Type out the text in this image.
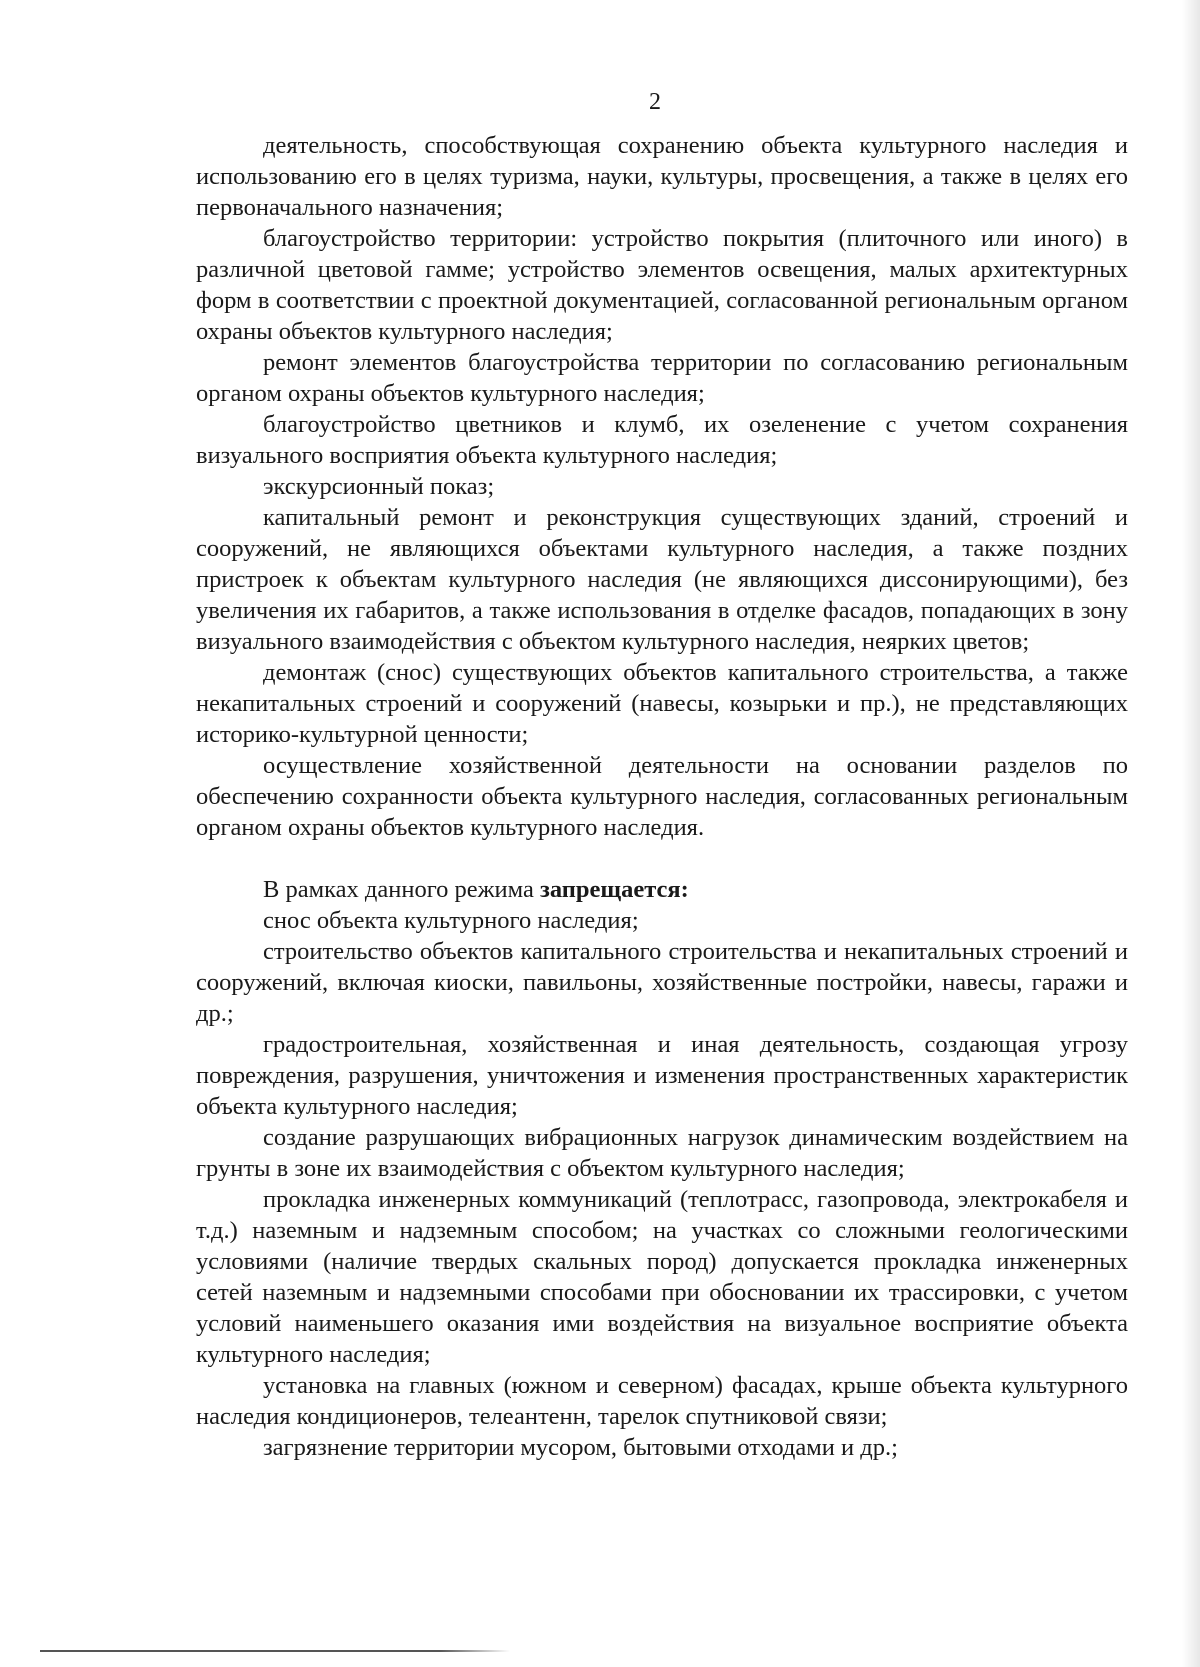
2

деятельность, способствующая сохранению объекта культурного наследия и использованию его в целях туризма, науки, культуры, просвещения, а также в целях его первоначального назначения;

благоустройство территории: устройство покрытия (плиточного или иного) в различной цветовой гамме; устройство элементов освещения, малых архитектурных форм в соответствии с проектной документацией, согласованной региональным органом охраны объектов культурного наследия;

ремонт элементов благоустройства территории по согласованию региональным органом охраны объектов культурного наследия;

благоустройство цветников и клумб, их озеленение с учетом сохранения визуального восприятия объекта культурного наследия;

экскурсионный показ;

капитальный ремонт и реконструкция существующих зданий, строений и сооружений, не являющихся объектами культурного наследия, а также поздних пристроек к объектам культурного наследия (не являющихся диссонирующими), без увеличения их габаритов, а также использования в отделке фасадов, попадающих в зону визуального взаимодействия с объектом культурного наследия, неярких цветов;

демонтаж (снос) существующих объектов капитального строительства, а также некапитальных строений и сооружений (навесы, козырьки и пр.), не представляющих историко-культурной ценности;

осуществление хозяйственной деятельности на основании разделов по обеспечению сохранности объекта культурного наследия, согласованных региональным органом охраны объектов культурного наследия.

В рамках данного режима запрещается:

снос объекта культурного наследия;

строительство объектов капитального строительства и некапитальных строений и сооружений, включая киоски, павильоны, хозяйственные постройки, навесы, гаражи и др.;

градостроительная, хозяйственная и иная деятельность, создающая угрозу повреждения, разрушения, уничтожения и изменения пространственных характеристик объекта культурного наследия;

создание разрушающих вибрационных нагрузок динамическим воздействием на грунты в зоне их взаимодействия с объектом культурного наследия;

прокладка инженерных коммуникаций (теплотрасс, газопровода, электрокабеля и т.д.) наземным и надземным способом; на участках со сложными геологическими условиями (наличие твердых скальных пород) допускается прокладка инженерных сетей наземным и надземными способами при обосновании их трассировки, с учетом условий наименьшего оказания ими воздействия на визуальное восприятие объекта культурного наследия;

установка на главных (южном и северном) фасадах, крыше объекта культурного наследия кондиционеров, телеантенн, тарелок спутниковой связи;

загрязнение территории мусором, бытовыми отходами и др.;
